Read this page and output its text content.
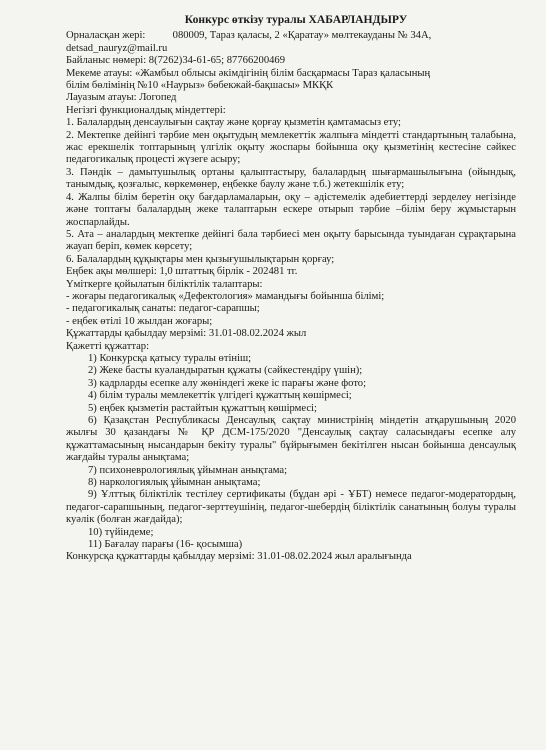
Конкурс өткізу туралы ХАБАРЛАНДЫРУ
Орналасқан жері:	080009, Тараз қаласы, 2 «Қаратау» мөлтекауданы № 34А,
detsad_nauryz@mail.ru
Байланыс нөмері: 8(7262)34-61-65; 87766200469
Мекеме атауы: «Жамбыл облысы әкімдігінің білім басқармасы Тараз қаласының
білім бөлімінің №10 «Наурыз» бөбекжай-бақшасы» МКҚК
Лауазым атауы: Логопед
Негізгі функционалдық міндеттері:
1. Балалардың денсаулығын сақтау және қорғау қызметін қамтамасыз ету;
2. Мектепке дейінгі тәрбие мен оқытудың мемлекеттік жалпыға міндетті стандартының талабына, жас ерекшелік топтарының үлгілік оқыту жоспары бойынша оқу қызметінің кестесіне сәйкес педагогикалық процесті жүзеге асыру;
3. Пәндік – дамытушылық ортаны қалыптастыру, балалардың шығармашылығына (ойындық, танымдық, қозғалыс, көркемөнер, еңбекке баулу және т.б.) жетекшілік ету;
4. Жалпы білім беретін оқу бағдарламаларын, оқу – әдістемелік әдебиеттерді зерделеу негізінде және топтағы балалардың жеке талаптарын ескере отырып тәрбие –білім беру жұмыстарын жоспарлайды.
5. Ата – аналардың мектепке дейінгі бала тәрбиесі мен оқыту барысында туындаған сұрақтарына жауап беріп, көмек көрсету;
6. Балалардың құқықтары мен қызығушылықтарын қорғау;
Еңбек ақы мөлшері: 1,0 штаттық бірлік - 202481 тг.
Үміткерге қойылатын біліктілік талаптары:
- жоғары педагогикалық «Дефектология» мамандығы бойынша білімі;
- педагогикалық санаты: педагог-сарапшы;
- еңбек өтілі 10 жылдан жоғары;
Құжаттарды қабылдау мерзімі: 31.01-08.02.2024 жыл
Қажетті құжаттар:
1) Конкурсқа қатысу туралы өтініш;
2) Жеке басты куәландыратын құжаты (сәйкестендіру үшін);
3) кадрларды есепке алу жөніндегі жеке іс парағы және фото;
4) білім туралы мемлекеттік үлгідегі құжаттың көшірмесі;
5) еңбек қызметін растайтын құжаттың көшірмесі;
6) Қазақстан Республикасы Денсаулық сақтау министрінің міндетін атқарушының 2020 жылғы 30 қазандағы № ҚР ДСМ-175/2020 "Денсаулық сақтау саласындағы есепке алу құжаттамасының нысандарын бекіту туралы" бұйрығымен бекітілген нысан бойынша денсаулық жағдайы туралы анықтама;
7) психоневрологиялық ұйымнан анықтама;
8) наркологиялық ұйымнан анықтама;
9) Ұлттық біліктілік тестілеу сертификаты (бұдан әрі - ҰБТ) немесе педагог-модератордың, педагог-сарапшының, педагог-зерттеушінің, педагог-шебердің біліктілік санатының болуы туралы куәлік (болған жағдайда);
10) түйіндеме;
11) Бағалау парағы (16- қосымша)
Конкурсқа құжаттарды қабылдау мерзімі: 31.01-08.02.2024 жыл аралығында
